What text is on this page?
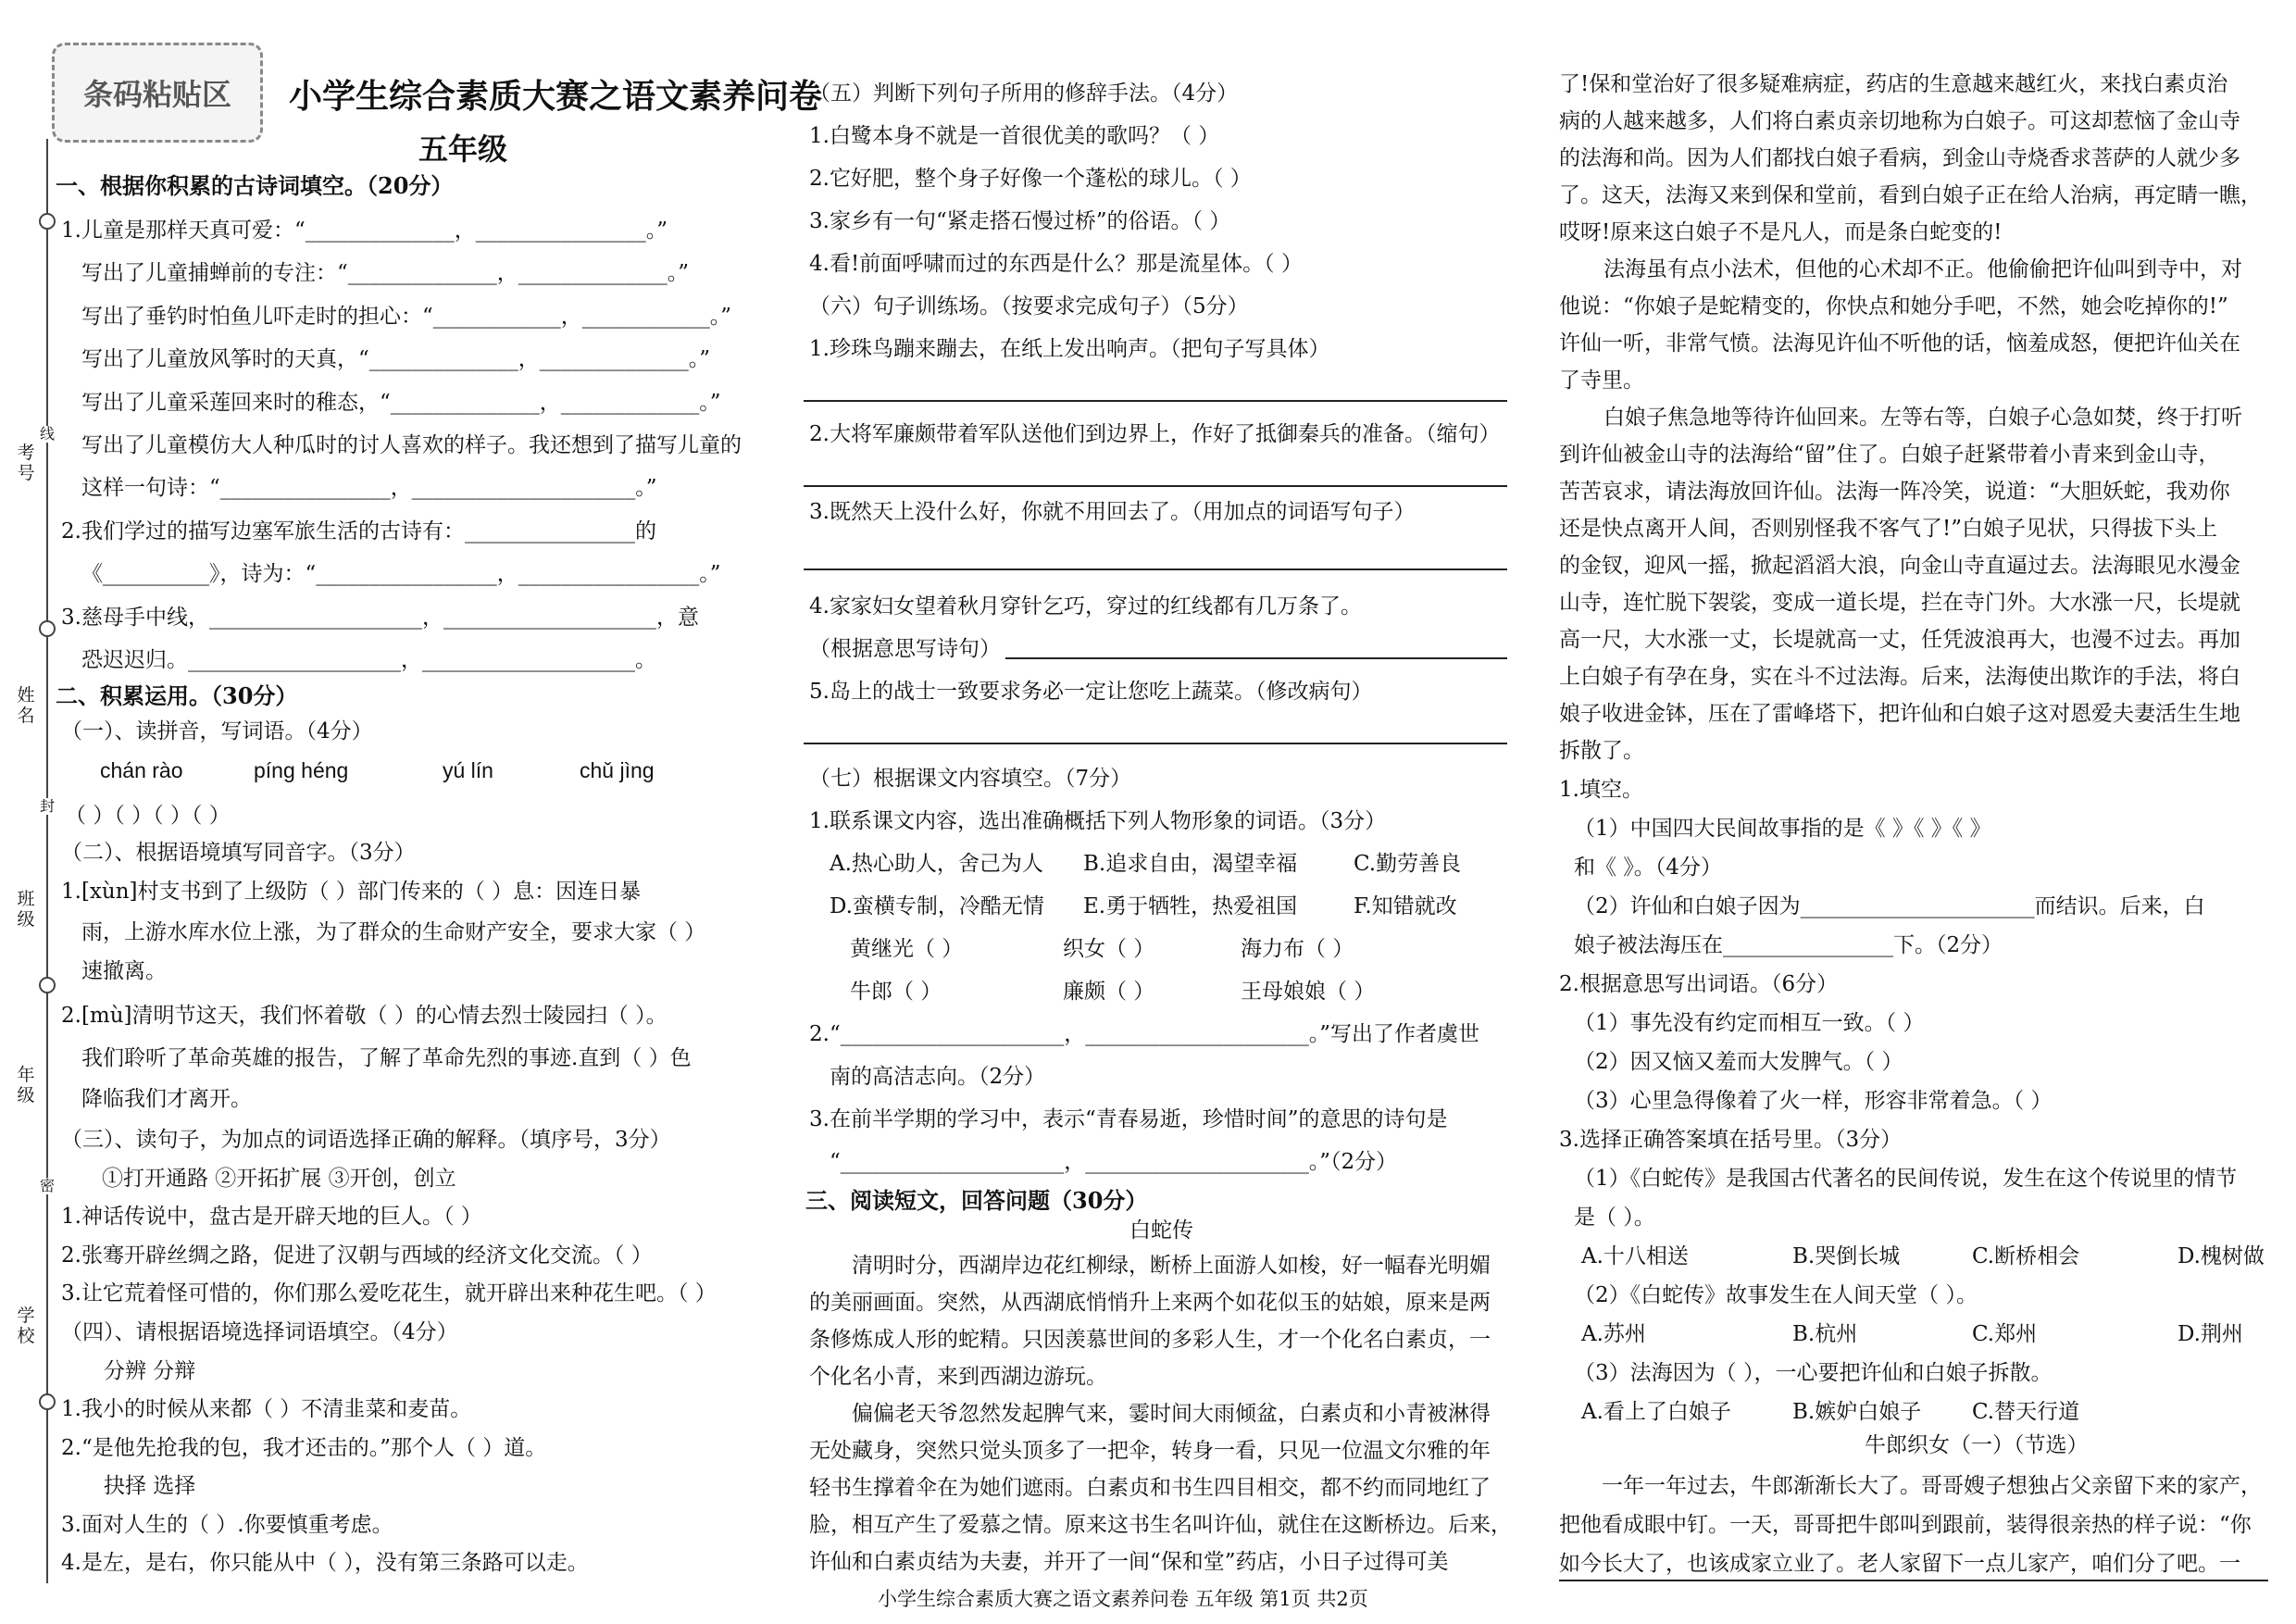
条码粘贴区	小学生综合素质大赛之语文素养问卷
五年级
考号
姓名
班级
年级
学校
线
封
密
一、根据你积累的古诗词填空。（20分）
1.儿童是那样天真可爱：“______________，________________。”
写出了儿童捕蝉前的专注：“______________，______________。”
写出了垂钓时怕鱼儿吓走时的担心：“____________，____________。”
写出了儿童放风筝时的天真，“______________，______________。”
写出了儿童采莲回来时的稚态，“______________，_____________。”
写出了儿童模仿大人种瓜时的讨人喜欢的样子。我还想到了描写儿童的
这样一句诗：“________________，_____________________。”
2.我们学过的描写边塞军旅生活的古诗有：________________的
《__________》，诗为：“_________________，_________________。”
3.慈母手中线，____________________，____________________，意
恐迟迟归。____________________，____________________。
二、积累运用。（30分）
（一）、读拼音，写词语。（4分）
chán rào	píng héng	yú lín	chǔ jìng
（ ）（ ）（ ）（ ）
（二）、根据语境填写同音字。（3分）
1.[xùn]村支书到了上级防（ ）部门传来的（ ）息：因连日暴
雨，上游水库水位上涨，为了群众的生命财产安全，要求大家（ ）
速撤离。
2.[mù]清明节这天，我们怀着敬（ ）的心情去烈士陵园扫（ ）。
我们聆听了革命英雄的报告，了解了革命先烈的事迹.直到（ ）色
降临我们才离开。
（三）、读句子，为加点的词语选择正确的解释。（填序号，3分）
①打开通路 ②开拓扩展 ③开创，创立
1.神话传说中，盘古是开辟天地的巨人。（ ）
2.张骞开辟丝绸之路，促进了汉朝与西域的经济文化交流。（ ）
3.让它荒着怪可惜的，你们那么爱吃花生，就开辟出来种花生吧。（ ）
（四）、请根据语境选择词语填空。（4分）
分辨 分辩
1.我小的时候从来都（ ）不清韭菜和麦苗。
2.“是他先抢我的包，我才还击的。”那个人（ ）道。
抉择 选择
3.面对人生的（ ）.你要慎重考虑。
4.是左，是右，你只能从中（ ），没有第三条路可以走。
（五）判断下列句子所用的修辞手法。（4分）
1.白鹭本身不就是一首很优美的歌吗？（ ）
2.它好肥，整个身子好像一个蓬松的球儿。（ ）
3.家乡有一句“紧走搭石慢过桥”的俗语。（ ）
4.看!前面呼啸而过的东西是什么？那是流星体。（ ）
（六）句子训练场。（按要求完成句子）（5分）
1.珍珠鸟蹦来蹦去，在纸上发出响声。（把句子写具体）
2.大将军廉颇带着军队送他们到边界上，作好了抵御秦兵的准备。（缩句）
3.既然天上没什么好，你就不用回去了。（用加点的词语写句子）
4.家家妇女望着秋月穿针乞巧，穿过的红线都有几万条了。
（根据意思写诗句）
5.岛上的战士一致要求务必一定让您吃上蔬菜。（修改病句）
（七）根据课文内容填空。（7分）
1.联系课文内容，选出准确概括下列人物形象的词语。（3分）
A.热心助人，舍己为人 B.追求自由，渴望幸福	C.勤劳善良
D.蛮横专制，冷酷无情 E.勇于牺牲，热爱祖国	F.知错就改
黄继光（ ）	织女（ ）	海力布（ ）
牛郎（ ）	廉颇（ ）	王母娘娘（ ）
2.“_____________________，_____________________。”写出了作者虞世
南的高洁志向。（2分）
3.在前半学期的学习中，表示“青春易逝，珍惜时间”的意思的诗句是
“_____________________，_____________________。”（2分）
三、阅读短文，回答问题（30分）
白蛇传
清明时分，西湖岸边花红柳绿，断桥上面游人如梭，好一幅春光明媚
的美丽画面。突然，从西湖底悄悄升上来两个如花似玉的姑娘，原来是两
条修炼成人形的蛇精。只因羡慕世间的多彩人生，才一个化名白素贞，一
个化名小青，来到西湖边游玩。
偏偏老天爷忽然发起脾气来，霎时间大雨倾盆，白素贞和小青被淋得
无处藏身，突然只觉头顶多了一把伞，转身一看，只见一位温文尔雅的年
轻书生撑着伞在为她们遮雨。白素贞和书生四目相交，都不约而同地红了
脸，相互产生了爱慕之情。原来这书生名叫许仙，就住在这断桥边。后来，
许仙和白素贞结为夫妻，并开了一间“保和堂”药店，小日子过得可美
小学生综合素质大赛之语文素养问卷 五年级 第1页 共2页
了!保和堂治好了很多疑难病症，药店的生意越来越红火，来找白素贞治
病的人越来越多，人们将白素贞亲切地称为白娘子。可这却惹恼了金山寺
的法海和尚。因为人们都找白娘子看病，到金山寺烧香求菩萨的人就少多
了。这天，法海又来到保和堂前，看到白娘子正在给人治病，再定睛一瞧，
哎呀!原来这白娘子不是凡人，而是条白蛇变的!
法海虽有点小法术，但他的心术却不正。他偷偷把许仙叫到寺中，对
他说：“你娘子是蛇精变的，你快点和她分手吧，不然，她会吃掉你的!”
许仙一听，非常气愤。法海见许仙不听他的话，恼羞成怒，便把许仙关在
了寺里。
白娘子焦急地等待许仙回来。左等右等，白娘子心急如焚，终于打听
到许仙被金山寺的法海给“留”住了。白娘子赶紧带着小青来到金山寺，
苦苦哀求，请法海放回许仙。法海一阵冷笑，说道：“大胆妖蛇，我劝你
还是快点离开人间，否则别怪我不客气了!”白娘子见状，只得拔下头上
的金钗，迎风一摇，掀起滔滔大浪，向金山寺直逼过去。法海眼见水漫金
山寺，连忙脱下袈裟，变成一道长堤，拦在寺门外。大水涨一尺，长堤就
高一尺，大水涨一丈，长堤就高一丈，任凭波浪再大，也漫不过去。再加
上白娘子有孕在身，实在斗不过法海。后来，法海使出欺诈的手法，将白
娘子收进金钵，压在了雷峰塔下，把许仙和白娘子这对恩爱夫妻活生生地
拆散了。
1.填空。
（1）中国四大民间故事指的是《 》《 》《 》
和《 》。（4分）
（2）许仙和白娘子因为______________________而结识。后来，白
娘子被法海压在________________下。（2分）
2.根据意思写出词语。（6分）
（1）事先没有约定而相互一致。（ ）
（2）因又恼又羞而大发脾气。（ ）
（3）心里急得像着了火一样，形容非常着急。（ ）
3.选择正确答案填在括号里。（3分）
（1）《白蛇传》是我国古代著名的民间传说，发生在这个传说里的情节
是（ ）。
A.十八相送	B.哭倒长城	C.断桥相会	D.槐树做
（2）《白蛇传》故事发生在人间天堂（ ）。
A.苏州	B.杭州	C.郑州	D.荆州
（3）法海因为（ ），一心要把许仙和白娘子拆散。
A.看上了白娘子	B.嫉妒白娘子 C.替天行道
牛郎织女（一）（节选）
一年一年过去，牛郎渐渐长大了。哥哥嫂子想独占父亲留下来的家产，
把他看成眼中钉。一天，哥哥把牛郎叫到跟前，装得很亲热的样子说：“你
如今长大了，也该成家立业了。老人家留下一点儿家产，咱们分了吧。一
